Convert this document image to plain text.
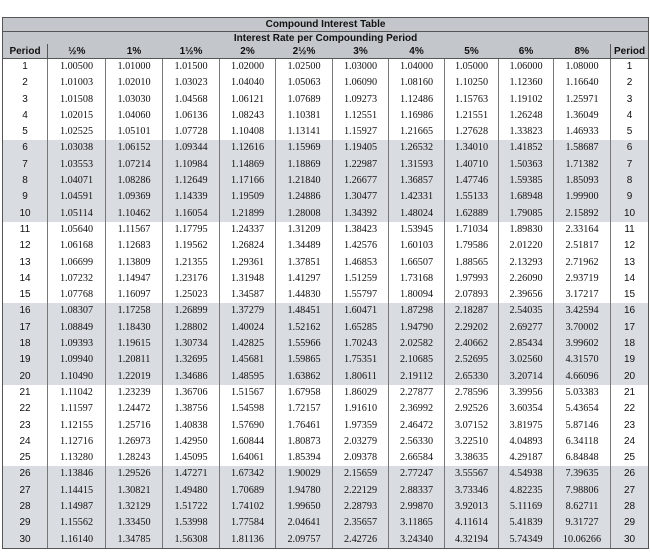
Compound Interest Table											
Interest Rate per Compounding Period											
Period	½%	1%	1½%	2%	2½%	3%	4%	5%	6%	8%	Period
1	1.00500	1.01000	1.01500	1.02000	1.02500	1.03000	1.04000	1.05000	1.06000	1.08000	1
2	1.01003	1.02010	1.03023	1.04040	1.05063	1.06090	1.08160	1.10250	1.12360	1.16640	2
3	1.01508	1.03030	1.04568	1.06121	1.07689	1.09273	1.12486	1.15763	1.19102	1.25971	3
4	1.02015	1.04060	1.06136	1.08243	1.10381	1.12551	1.16986	1.21551	1.26248	1.36049	4
5	1.02525	1.05101	1.07728	1.10408	1.13141	1.15927	1.21665	1.27628	1.33823	1.46933	5
6	1.03038	1.06152	1.09344	1.12616	1.15969	1.19405	1.26532	1.34010	1.41852	1.58687	6
7	1.03553	1.07214	1.10984	1.14869	1.18869	1.22987	1.31593	1.40710	1.50363	1.71382	7
8	1.04071	1.08286	1.12649	1.17166	1.21840	1.26677	1.36857	1.47746	1.59385	1.85093	8
9	1.04591	1.09369	1.14339	1.19509	1.24886	1.30477	1.42331	1.55133	1.68948	1.99900	9
10	1.05114	1.10462	1.16054	1.21899	1.28008	1.34392	1.48024	1.62889	1.79085	2.15892	10
11	1.05640	1.11567	1.17795	1.24337	1.31209	1.38423	1.53945	1.71034	1.89830	2.33164	11
12	1.06168	1.12683	1.19562	1.26824	1.34489	1.42576	1.60103	1.79586	2.01220	2.51817	12
13	1.06699	1.13809	1.21355	1.29361	1.37851	1.46853	1.66507	1.88565	2.13293	2.71962	13
14	1.07232	1.14947	1.23176	1.31948	1.41297	1.51259	1.73168	1.97993	2.26090	2.93719	14
15	1.07768	1.16097	1.25023	1.34587	1.44830	1.55797	1.80094	2.07893	2.39656	3.17217	15
16	1.08307	1.17258	1.26899	1.37279	1.48451	1.60471	1.87298	2.18287	2.54035	3.42594	16
17	1.08849	1.18430	1.28802	1.40024	1.52162	1.65285	1.94790	2.29202	2.69277	3.70002	17
18	1.09393	1.19615	1.30734	1.42825	1.55966	1.70243	2.02582	2.40662	2.85434	3.99602	18
19	1.09940	1.20811	1.32695	1.45681	1.59865	1.75351	2.10685	2.52695	3.02560	4.31570	19
20	1.10490	1.22019	1.34686	1.48595	1.63862	1.80611	2.19112	2.65330	3.20714	4.66096	20
21	1.11042	1.23239	1.36706	1.51567	1.67958	1.86029	2.27877	2.78596	3.39956	5.03383	21
22	1.11597	1.24472	1.38756	1.54598	1.72157	1.91610	2.36992	2.92526	3.60354	5.43654	22
23	1.12155	1.25716	1.40838	1.57690	1.76461	1.97359	2.46472	3.07152	3.81975	5.87146	23
24	1.12716	1.26973	1.42950	1.60844	1.80873	2.03279	2.56330	3.22510	4.04893	6.34118	24
25	1.13280	1.28243	1.45095	1.64061	1.85394	2.09378	2.66584	3.38635	4.29187	6.84848	25
26	1.13846	1.29526	1.47271	1.67342	1.90029	2.15659	2.77247	3.55567	4.54938	7.39635	26
27	1.14415	1.30821	1.49480	1.70689	1.94780	2.22129	2.88337	3.73346	4.82235	7.98806	27
28	1.14987	1.32129	1.51722	1.74102	1.99650	2.28793	2.99870	3.92013	5.11169	8.62711	28
29	1.15562	1.33450	1.53998	1.77584	2.04641	2.35657	3.11865	4.11614	5.41839	9.31727	29
30	1.16140	1.34785	1.56308	1.81136	2.09757	2.42726	3.24340	4.32194	5.74349	10.06266	30
